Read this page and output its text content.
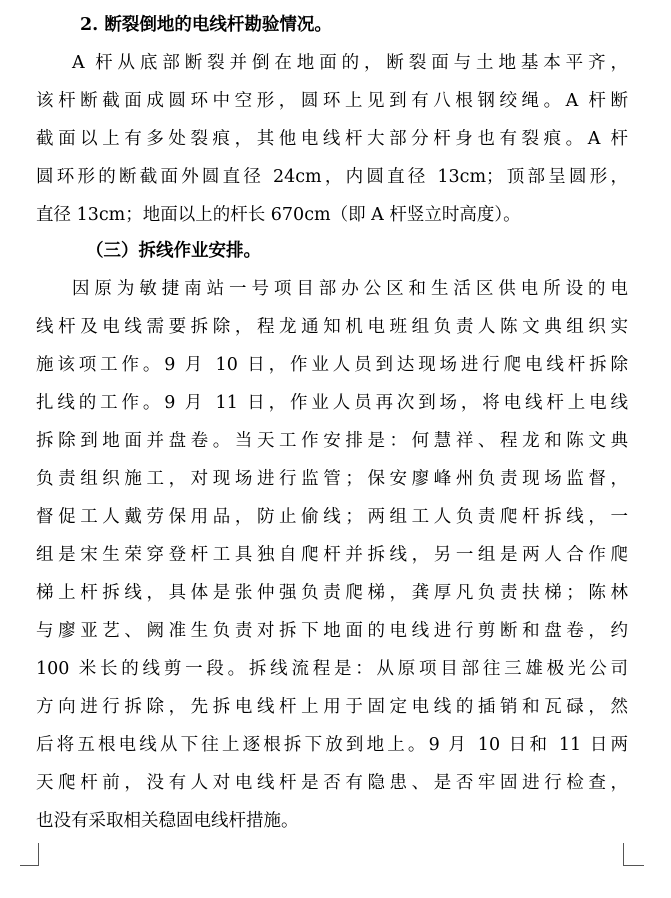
2. 断裂倒地的电线杆勘验情况。
A 杆从底部断裂并倒在地面的，断裂面与土地基本平齐，
该杆断截面成圆环中空形，圆环上见到有八根钢绞绳。A 杆断
截面以上有多处裂痕，其他电线杆大部分杆身也有裂痕。A 杆
圆环形的断截面外圆直径 24cm，内圆直径 13cm；顶部呈圆形，
直径 13cm；地面以上的杆长 670cm（即 A 杆竖立时高度）。
（三）拆线作业安排。
因原为敏捷南站一号项目部办公区和生活区供电所设的电
线杆及电线需要拆除，程龙通知机电班组负责人陈文典组织实
施该项工作。9 月 10 日，作业人员到达现场进行爬电线杆拆除
扎线的工作。9 月 11 日，作业人员再次到场，将电线杆上电线
拆除到地面并盘卷。当天工作安排是：何慧祥、程龙和陈文典
负责组织施工，对现场进行监管；保安廖峰州负责现场监督，
督促工人戴劳保用品，防止偷线；两组工人负责爬杆拆线，一
组是宋生荣穿登杆工具独自爬杆并拆线，另一组是两人合作爬
梯上杆拆线，具体是张仲强负责爬梯，龚厚凡负责扶梯；陈林
与廖亚艺、阙准生负责对拆下地面的电线进行剪断和盘卷，约
100 米长的线剪一段。拆线流程是：从原项目部往三雄极光公司
方向进行拆除，先拆电线杆上用于固定电线的插销和瓦碌，然
后将五根电线从下往上逐根拆下放到地上。9 月 10 日和 11 日两
天爬杆前，没有人对电线杆是否有隐患、是否牢固进行检查，
也没有采取相关稳固电线杆措施。
